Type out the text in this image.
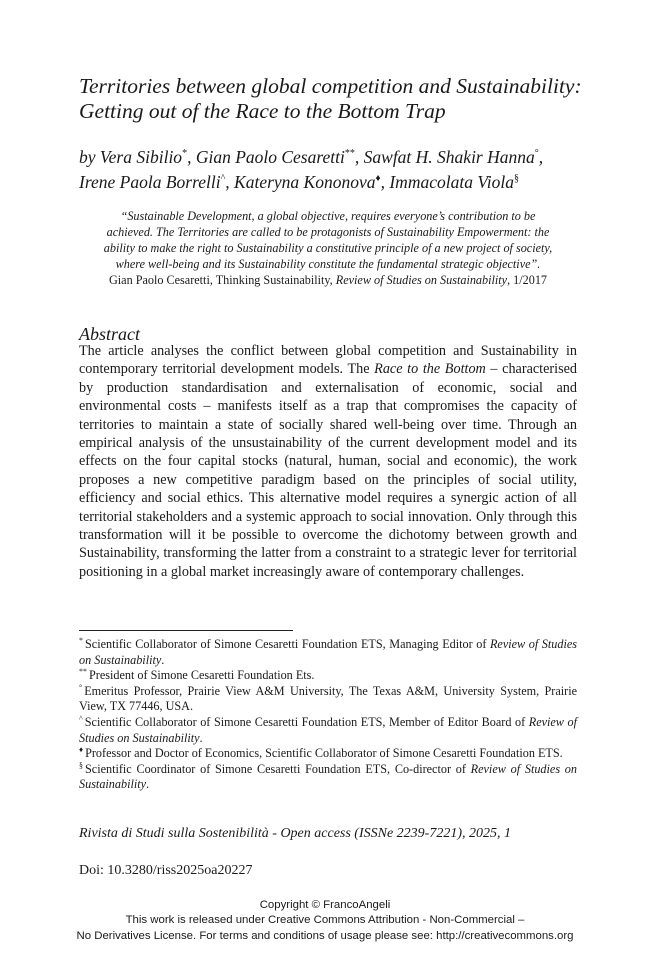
Territories between global competition and Sustainability:
Getting out of the Race to the Bottom Trap
by Vera Sibilio*, Gian Paolo Cesaretti**, Sawfat H. Shakir Hanna°,
Irene Paola Borrelli^, Kateryna Kononova♦, Immacolata Viola§
“Sustainable Development, a global objective, requires everyone’s contribution to be
achieved. The Territories are called to be protagonists of Sustainability Empowerment: the
ability to make the right to Sustainability a constitutive principle of a new project of society,
where well-being and its Sustainability constitute the fundamental strategic objective”.
Gian Paolo Cesaretti, Thinking Sustainability, Review of Studies on Sustainability, 1/2017
Abstract
The article analyses the conflict between global competition and Sustainability in contemporary territorial development models. The Race to the Bottom – characterised by production standardisation and externalisation of economic, social and environmental costs – manifests itself as a trap that compromises the capacity of territories to maintain a state of socially shared well-being over time. Through an empirical analysis of the unsustainability of the current development model and its effects on the four capital stocks (natural, human, social and economic), the work proposes a new competitive paradigm based on the principles of social utility, efficiency and social ethics. This alternative model requires a synergic action of all territorial stakeholders and a systemic approach to social innovation. Only through this transformation will it be possible to overcome the dichotomy between growth and Sustainability, transforming the latter from a constraint to a strategic lever for territorial positioning in a global market increasingly aware of contemporary challenges.

* Scientific Collaborator of Simone Cesaretti Foundation ETS, Managing Editor of Review of Studies on Sustainability.

** President of Simone Cesaretti Foundation Ets.

° Emeritus Professor, Prairie View A&M University, The Texas A&M, University System, Prairie View, TX 77446, USA.

^ Scientific Collaborator of Simone Cesaretti Foundation ETS, Member of Editor Board of Review of Studies on Sustainability.

♦ Professor and Doctor of Economics, Scientific Collaborator of Simone Cesaretti Foundation ETS.

§ Scientific Coordinator of Simone Cesaretti Foundation ETS, Co-director of Review of Studies on Sustainability.

Rivista di Studi sulla Sostenibilità - Open access (ISSNe 2239-7221), 2025, 1
Doi: 10.3280/riss2025oa20227
Copyright © FrancoAngeli
This work is released under Creative Commons Attribution - Non-Commercial –
No Derivatives License. For terms and conditions of usage please see: http://creativecommons.org
